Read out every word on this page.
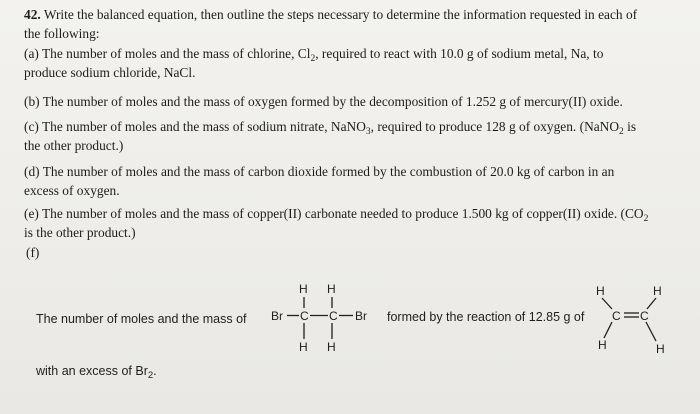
42. Write the balanced equation, then outline the steps necessary to determine the information requested in each of
the following:
(a) The number of moles and the mass of chlorine, $Cl_2$, required to react with 10.0 g of sodium metal, Na, to
produce sodium chloride, NaCl.
(b) The number of moles and the mass of oxygen formed by the decomposition of 1.252 g of mercury(II) oxide.
(c) The number of moles and the mass of sodium nitrate, NaNO$_3$, required to produce 128 g of oxygen. (NaNO$_2$ is
the other product.)
(d) The number of moles and the mass of carbon dioxide formed by the combustion of 20.0 kg of carbon in an
excess of oxygen.
(e) The number of moles and the mass of copper(II) carbonate needed to produce 1.500 kg of copper(II) oxide. ($CO_2$
is the other product.)
(f)
The number of moles and the mass of	formed by the reaction of 12.85 g of
with an excess of $Br_2$.
Br C C Br
H H
H H
C C
H	H
H	H
